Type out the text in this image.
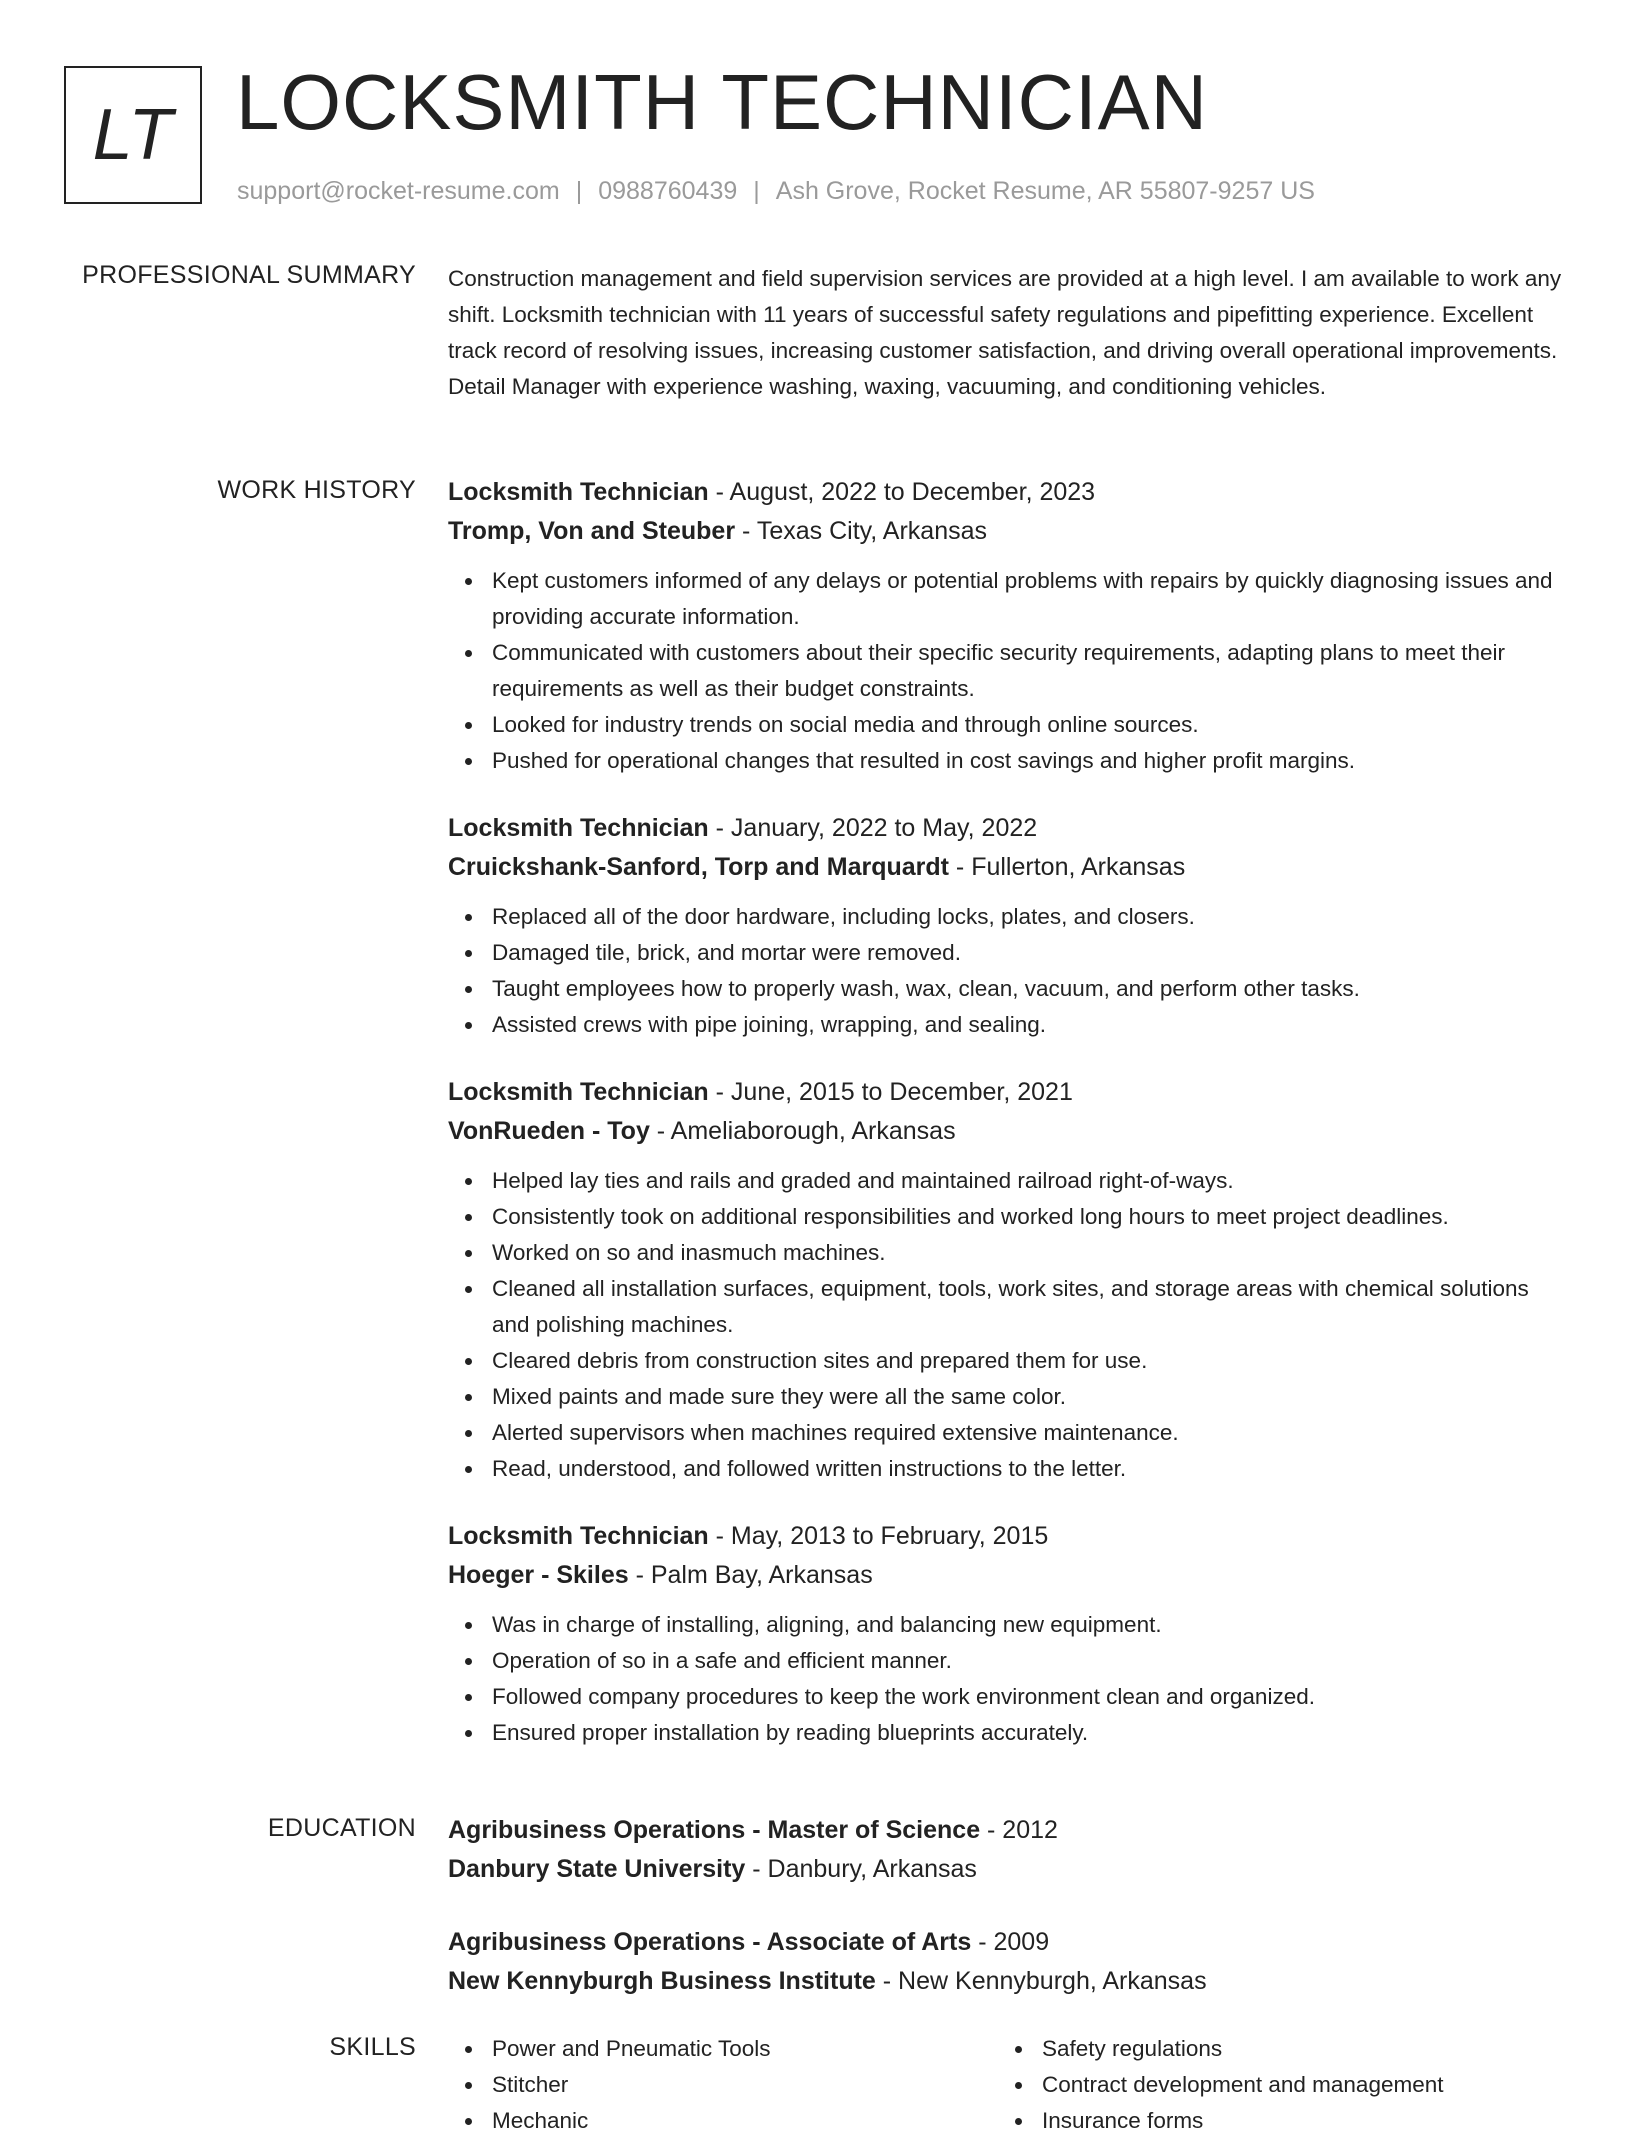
LT LOCKSMITH TECHNICIAN
support@rocket-resume.com | 0988760439 | Ash Grove, Rocket Resume, AR 55807-9257 US
PROFESSIONAL SUMMARY Construction management and field supervision services are provided at a high level. I am available to work any shift. Locksmith technician with 11 years of successful safety regulations and pipefitting experience. Excellent track record of resolving issues, increasing customer satisfaction, and driving overall operational improvements. Detail Manager with experience washing, waxing, vacuuming, and conditioning vehicles.

WORK HISTORY Locksmith Technician - August, 2022 to December, 2023
Tromp, Von and Steuber - Texas City, Arkansas
Kept customers informed of any delays or potential problems with repairs by quickly diagnosing issues and providing accurate information.
Communicated with customers about their specific security requirements, adapting plans to meet their requirements as well as their budget constraints.
Looked for industry trends on social media and through online sources.
Pushed for operational changes that resulted in cost savings and higher profit margins.
Locksmith Technician - January, 2022 to May, 2022
Cruickshank-Sanford, Torp and Marquardt - Fullerton, Arkansas
Replaced all of the door hardware, including locks, plates, and closers.
Damaged tile, brick, and mortar were removed.
Taught employees how to properly wash, wax, clean, vacuum, and perform other tasks.
Assisted crews with pipe joining, wrapping, and sealing.
Locksmith Technician - June, 2015 to December, 2021
VonRueden - Toy - Ameliaborough, Arkansas
Helped lay ties and rails and graded and maintained railroad right-of-ways.
Consistently took on additional responsibilities and worked long hours to meet project deadlines.
Worked on so and inasmuch machines.
Cleaned all installation surfaces, equipment, tools, work sites, and storage areas with chemical solutions and polishing machines.
Cleared debris from construction sites and prepared them for use.
Mixed paints and made sure they were all the same color.
Alerted supervisors when machines required extensive maintenance.
Read, understood, and followed written instructions to the letter.
Locksmith Technician - May, 2013 to February, 2015
Hoeger - Skiles - Palm Bay, Arkansas
Was in charge of installing, aligning, and balancing new equipment.
Operation of so in a safe and efficient manner.
Followed company procedures to keep the work environment clean and organized.
Ensured proper installation by reading blueprints accurately.
EDUCATION Agribusiness Operations - Master of Science - 2012
Danbury State University - Danbury, Arkansas
Agribusiness Operations - Associate of Arts - 2009
New Kennyburgh Business Institute - New Kennyburgh, Arkansas
SKILLS	Power and Pneumatic Tools
Stitcher
Mechanic
Safety regulations
Contract development and management
Insurance forms
